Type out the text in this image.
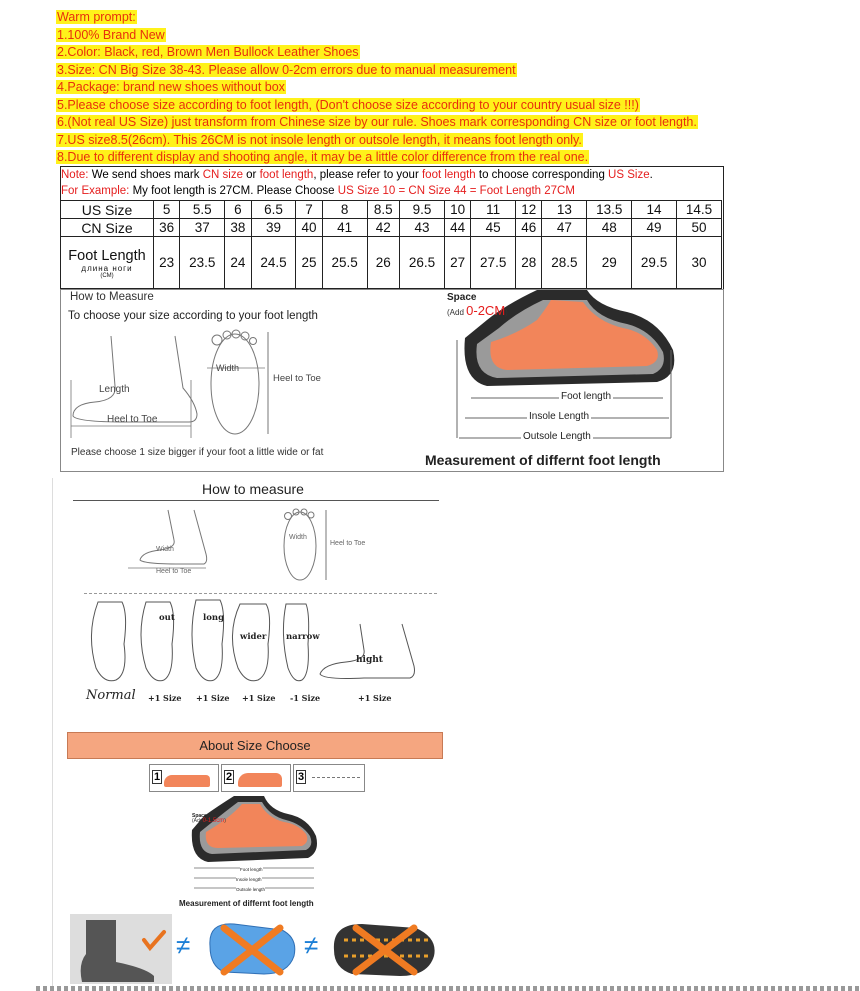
Warm prompt:
1.100% Brand New
2.Color: Black, red, Brown Men Bullock Leather Shoes
3.Size: CN Big Size 38-43. Please allow 0-2cm errors due to manual measurement
4.Package: brand new shoes without box
5.Please choose size according to foot length, (Don't choose size according to your country usual size !!!)
6.(Not real US Size) just transform from Chinese size by our rule. Shoes mark corresponding CN size or foot length.
7.US size8.5(26cm). This 26CM is not insole length or outsole length, it means foot length only.
8.Due to different display and shooting angle, it may be a little color difference from the real one.
Note: We send shoes mark CN size or foot length, please refer to your foot length to choose corresponding US Size.
For Example: My foot length is 27CM. Please Choose US Size 10 = CN Size 44 = Foot Length 27CM
US Size	5	5.5	6	6.5	7	8	8.5	9.5	10	11	12	13	13.5	14	14.5
CN Size	36	37	38	39	40	41	42	43	44	45	46	47	48	49	50
Foot Length
длина ноги
(CM)	23	23.5	24	24.5	25	25.5	26	26.5	27	27.5	28	28.5	29	29.5	30
How to Measure
To choose your size according to your foot length
Length
Heel to Toe
Width
Heel to Toe
Please choose 1 size bigger if your foot a little wide or fat
Space
(Add 0-2CM)
Foot length
Insole Length
Outsole Length
Measurement of differnt foot length
How to measure
Width
Heel to Toe
Width
Heel to Toe
out	long
wider narrow
hight
Normal +1 Size +1 Size +1 Size -1 Size	+1 Size
About Size Choose
1	2	3
Space
(Add0-1.5cm)
Foot length
Insole length
Outsole length
Measurement of differnt foot length
≠	≠
